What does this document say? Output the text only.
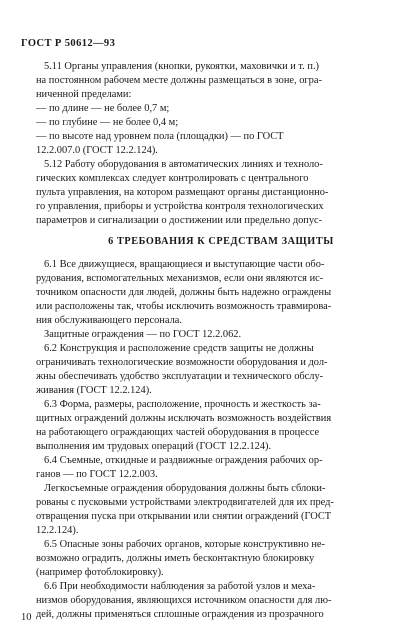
ГОСТ Р 50612—93
5.11 Органы управления (кнопки, рукоятки, маховички и т. п.)
на постоянном рабочем месте должны размещаться в зоне, огра-
ниченной пределами:
— по длине — не более 0,7 м;
— по глубине — не более 0,4 м;
— по высоте над уровнем пола (площадки) — по ГОСТ
12.2.007.0 (ГОСТ 12.2.124).
5.12 Работу оборудования в автоматических линиях и техноло-
гических комплексах следует контролировать с центрального
пульта управления, на котором размещают органы дистанционно-
го управления, приборы и устройства контроля технологических
параметров и сигнализации о достижении или предельно допус-
6 ТРЕБОВАНИЯ К СРЕДСТВАМ ЗАЩИТЫ
6.1 Все движущиеся, вращающиеся и выступающие части обо-
рудования, вспомогательных механизмов, если они являются ис-
точником опасности для людей, должны быть надежно ограждены
или расположены так, чтобы исключить возможность травмирова-
ния обслуживающего персонала.
Защитные ограждения — по ГОСТ 12.2.062.
6.2 Конструкция и расположение средств защиты не должны
ограничивать технологические возможности оборудования и дол-
жны обеспечивать удобство эксплуатации и технического обслу-
живания (ГОСТ 12.2.124).
6.3 Форма, размеры, расположение, прочность и жесткость за-
щитных ограждений должны исключать возможность воздействия
на работающего ограждающих частей оборудования в процессе
выполнения им трудовых операций (ГОСТ 12.2.124).
6.4 Съемные, откидные и раздвижные ограждения рабочих ор-
ганов — по ГОСТ 12.2.003.
Легкосъемные ограждения оборудования должны быть сблоки-
рованы с пусковыми устройствами электродвигателей для их пред-
отвращения пуска при открывании или снятии ограждений (ГОСТ
12.2.124).
6.5 Опасные зоны рабочих органов, которые конструктивно не-
возможно оградить, должны иметь бесконтактную блокировку
(например фотоблокировку).
6.6 При необходимости наблюдения за работой узлов и меха-
низмов оборудования, являющихся источником опасности для лю-
дей, должны применяться сплошные ограждения из прозрачного
10
